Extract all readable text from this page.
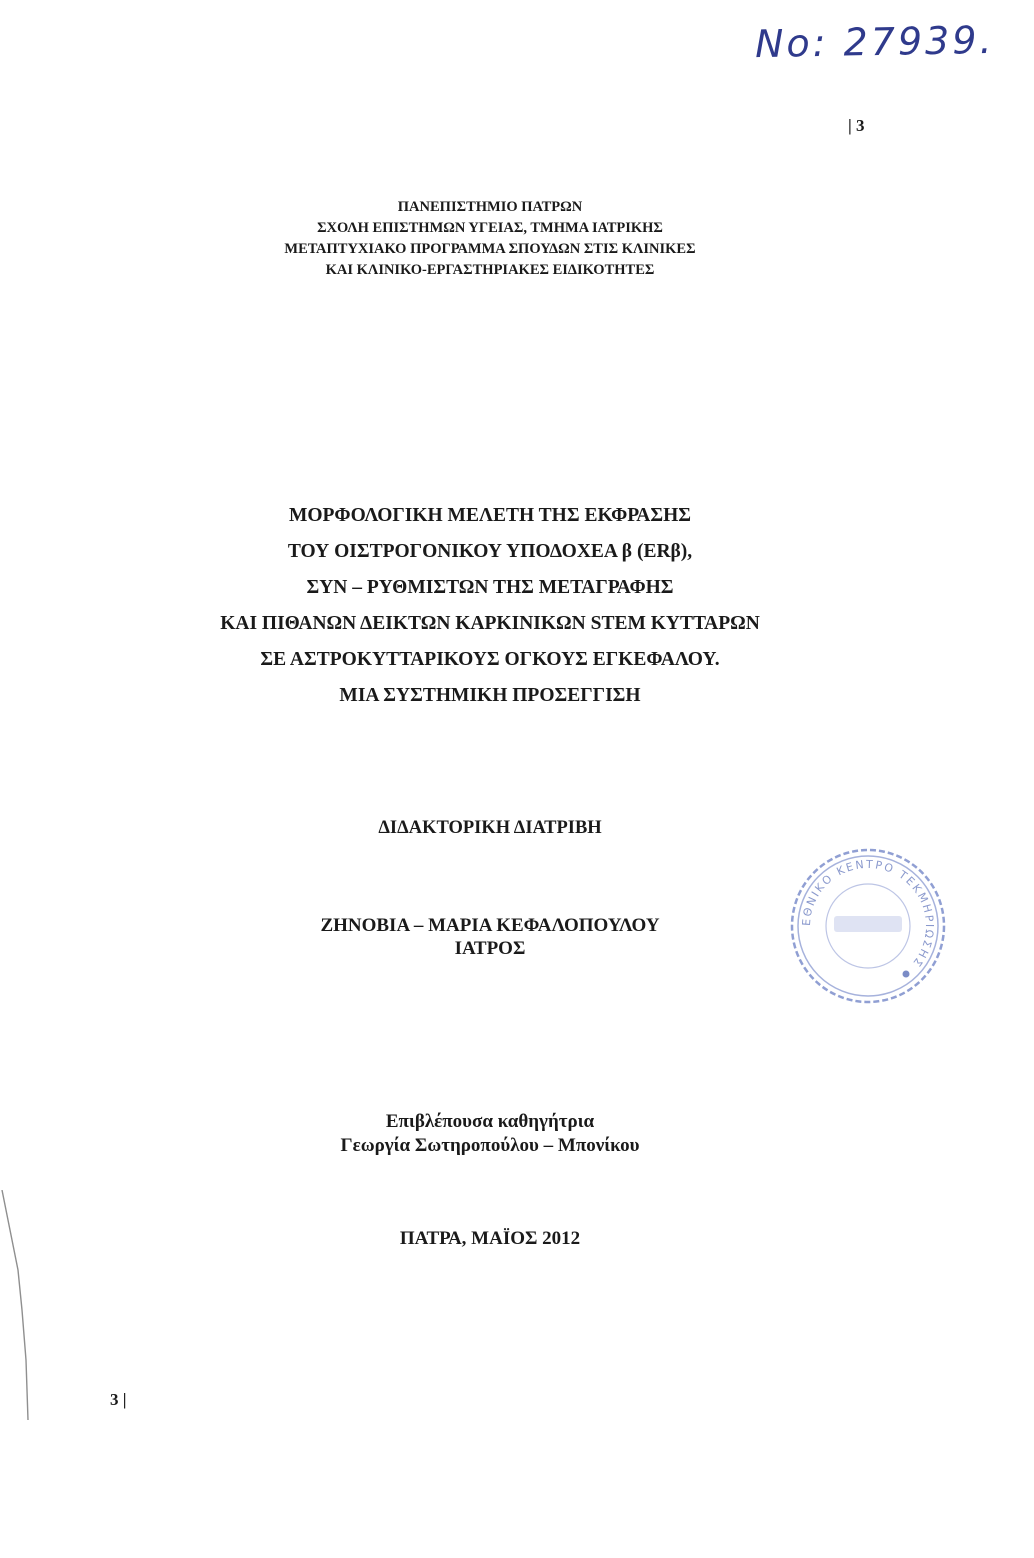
No: 27939.
| 3
3 |
ΠΑΝΕΠΙΣΤΗΜΙΟ ΠΑΤΡΩΝ
ΣΧΟΛΗ ΕΠΙΣΤΗΜΩΝ ΥΓΕΙΑΣ, ΤΜΗΜΑ ΙΑΤΡΙΚΗΣ
ΜΕΤΑΠΤΥΧΙΑΚΟ ΠΡΟΓΡΑΜΜΑ ΣΠΟΥΔΩΝ ΣΤΙΣ ΚΛΙΝΙΚΕΣ
ΚΑΙ ΚΛΙΝΙΚΟ-ΕΡΓΑΣΤΗΡΙΑΚΕΣ ΕΙΔΙΚΟΤΗΤΕΣ
ΜΟΡΦΟΛΟΓΙΚΗ ΜΕΛΕΤΗ ΤΗΣ ΕΚΦΡΑΣΗΣ
ΤΟΥ ΟΙΣΤΡΟΓΟΝΙΚΟΥ ΥΠΟΔΟΧΕΑ β (ERβ),
ΣΥΝ – ΡΥΘΜΙΣΤΩΝ ΤΗΣ ΜΕΤΑΓΡΑΦΗΣ
ΚΑΙ ΠΙΘΑΝΩΝ ΔΕΙΚΤΩΝ ΚΑΡΚΙΝΙΚΩΝ STEM ΚΥΤΤΑΡΩΝ
ΣΕ ΑΣΤΡΟΚΥΤΤΑΡΙΚΟΥΣ ΟΓΚΟΥΣ ΕΓΚΕΦΑΛΟΥ.
ΜΙΑ ΣΥΣΤΗΜΙΚΗ ΠΡΟΣΕΓΓΙΣΗ
ΔΙΔΑΚΤΟΡΙΚΗ ΔΙΑΤΡΙΒΗ
ΖΗΝΟΒΙΑ – ΜΑΡΙΑ ΚΕΦΑΛΟΠΟΥΛΟΥ
ΙΑΤΡΟΣ
Επιβλέπουσα καθηγήτρια
Γεωργία Σωτηροπούλου – Μπονίκου
ΠΑΤΡΑ, ΜΑΪΟΣ 2012
ΕΘΝΙΚΟ ΚΕΝΤΡΟ ΤΕΚΜΗΡΙΩΣΗΣ
